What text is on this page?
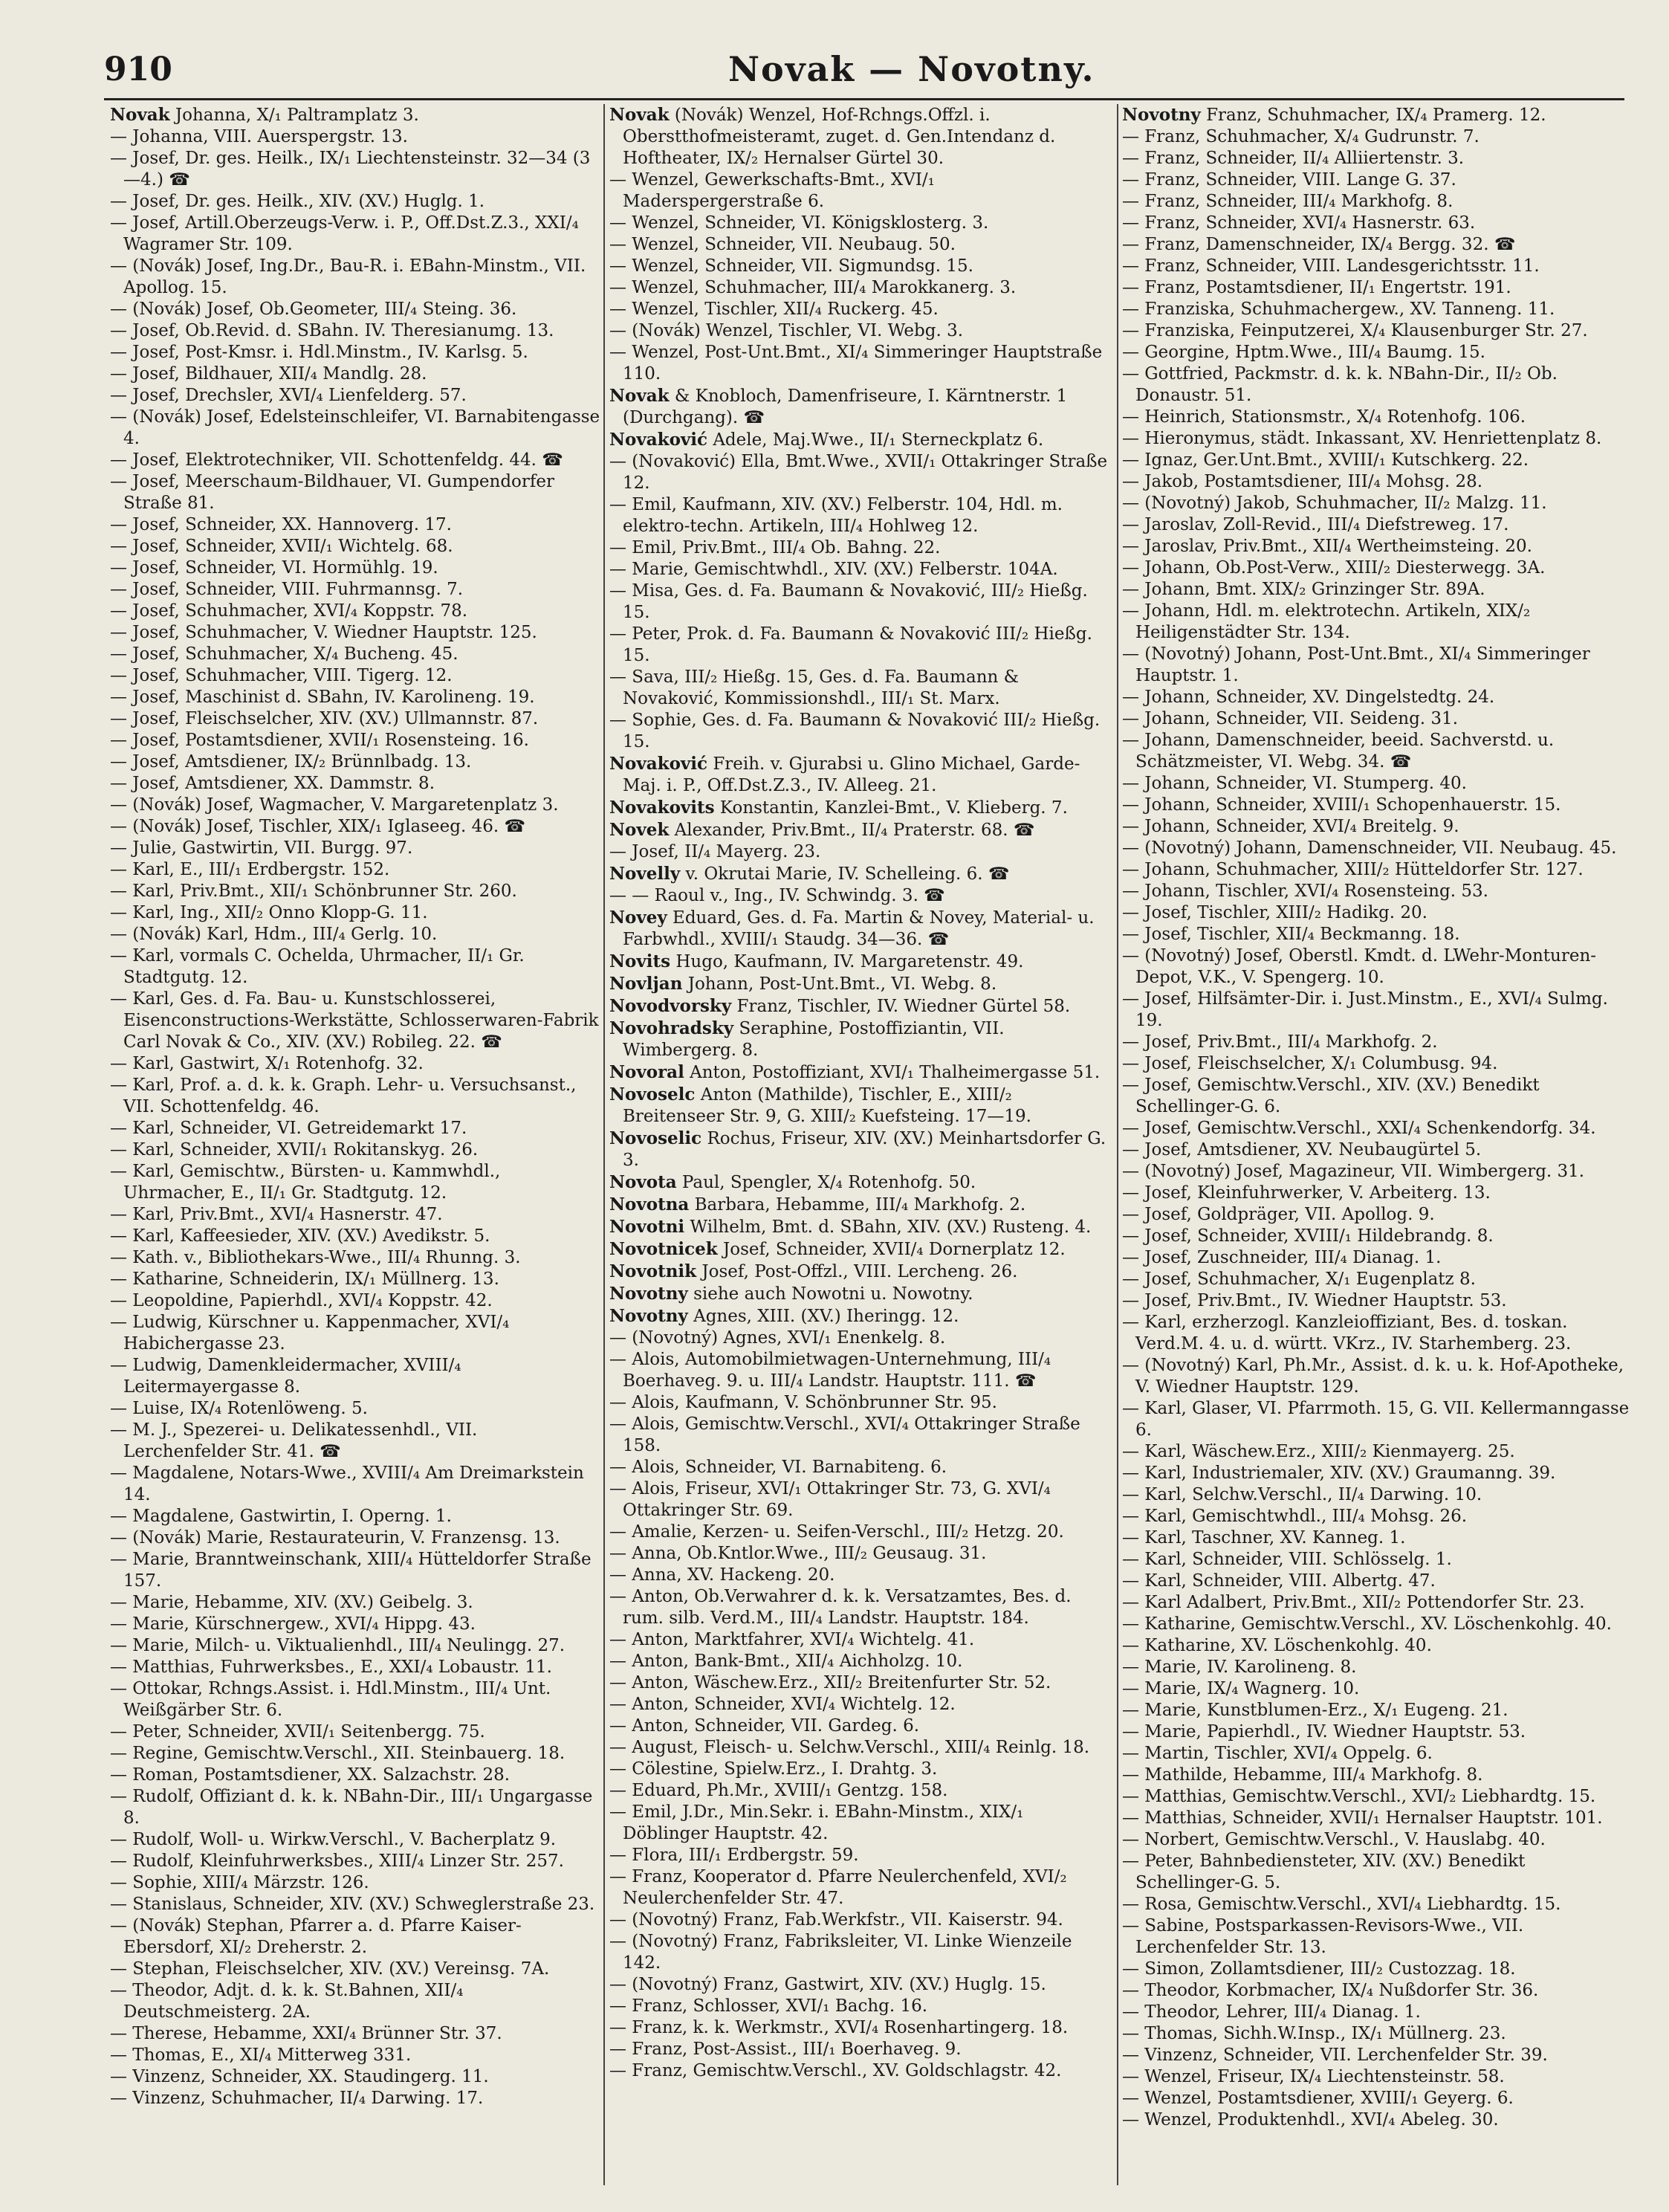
910	Novak — Novotny.
Novak Johanna, X/₁ Paltramplatz 3.
— Johanna, VIII. Auerspergstr. 13.
— Josef, Dr. ges. Heilk., IX/₁ Liechtensteinstr. 32—34 (3—4.) ☎
— Josef, Dr. ges. Heilk., XIV. (XV.) Huglg. 1.
— Josef, Artill.Oberzeugs-Verw. i. P., Off.Dst.Z.3., XXI/₄ Wagramer Str. 109.
— (Novák) Josef, Ing.Dr., Bau-R. i. EBahn-Minstm., VII. Apollog. 15.
— (Novák) Josef, Ob.Geometer, III/₄ Steing. 36.
— Josef, Ob.Revid. d. SBahn. IV. Theresianumg. 13.
— Josef, Post-Kmsr. i. Hdl.Minstm., IV. Karlsg. 5.
— Josef, Bildhauer, XII/₄ Mandlg. 28.
— Josef, Drechsler, XVI/₄ Lienfelderg. 57.
— (Novák) Josef, Edelsteinschleifer, VI. Barnabitengasse 4.
— Josef, Elektrotechniker, VII. Schottenfeldg. 44. ☎
— Josef, Meerschaum-Bildhauer, VI. Gumpendorfer Straße 81.
— Josef, Schneider, XX. Hannoverg. 17.
— Josef, Schneider, XVII/₁ Wichtelg. 68.
— Josef, Schneider, VI. Hormühlg. 19.
— Josef, Schneider, VIII. Fuhrmannsg. 7.
— Josef, Schuhmacher, XVI/₄ Koppstr. 78.
— Josef, Schuhmacher, V. Wiedner Hauptstr. 125.
— Josef, Schuhmacher, X/₄ Bucheng. 45.
— Josef, Schuhmacher, VIII. Tigerg. 12.
— Josef, Maschinist d. SBahn, IV. Karolineng. 19.
— Josef, Fleischselcher, XIV. (XV.) Ullmannstr. 87.
— Josef, Postamtsdiener, XVII/₁ Rosensteing. 16.
— Josef, Amtsdiener, IX/₂ Brünnlbadg. 13.
— Josef, Amtsdiener, XX. Dammstr. 8.
— (Novák) Josef, Wagmacher, V. Margaretenplatz 3.
— (Novák) Josef, Tischler, XIX/₁ Iglaseeg. 46. ☎
— Julie, Gastwirtin, VII. Burgg. 97.
— Karl, E., III/₁ Erdbergstr. 152.
— Karl, Priv.Bmt., XII/₁ Schönbrunner Str. 260.
— Karl, Ing., XII/₂ Onno Klopp-G. 11.
— (Novák) Karl, Hdm., III/₄ Gerlg. 10.
— Karl, vormals C. Ochelda, Uhrmacher, II/₁ Gr. Stadtgutg. 12.
— Karl, Ges. d. Fa. Bau- u. Kunstschlosserei, Eisenconstructions-Werkstätte, Schlosserwaren-Fabrik Carl Novak & Co., XIV. (XV.) Robileg. 22. ☎
— Karl, Gastwirt, X/₁ Rotenhofg. 32.
— Karl, Prof. a. d. k. k. Graph. Lehr- u. Versuchsanst., VII. Schottenfeldg. 46.
— Karl, Schneider, VI. Getreidemarkt 17.
— Karl, Schneider, XVII/₁ Rokitanskyg. 26.
— Karl, Gemischtw., Bürsten- u. Kammwhdl., Uhrmacher, E., II/₁ Gr. Stadtgutg. 12.
— Karl, Priv.Bmt., XVI/₄ Hasnerstr. 47.
— Karl, Kaffeesieder, XIV. (XV.) Avedikstr. 5.
— Kath. v., Bibliothekars-Wwe., III/₄ Rhunng. 3.
— Katharine, Schneiderin, IX/₁ Müllnerg. 13.
— Leopoldine, Papierhdl., XVI/₄ Koppstr. 42.
— Ludwig, Kürschner u. Kappenmacher, XVI/₄ Habichergasse 23.
— Ludwig, Damenkleidermacher, XVIII/₄ Leitermayergasse 8.
— Luise, IX/₄ Rotenlöweng. 5.
— M. J., Spezerei- u. Delikatessenhdl., VII. Lerchenfelder Str. 41. ☎
— Magdalene, Notars-Wwe., XVIII/₄ Am Dreimarkstein 14.
— Magdalene, Gastwirtin, I. Operng. 1.
— (Novák) Marie, Restaurateurin, V. Franzensg. 13.
— Marie, Branntweinschank, XIII/₄ Hütteldorfer Straße 157.
— Marie, Hebamme, XIV. (XV.) Geibelg. 3.
— Marie, Kürschnergew., XVI/₄ Hippg. 43.
— Marie, Milch- u. Viktualienhdl., III/₄ Neulingg. 27.
— Matthias, Fuhrwerksbes., E., XXI/₄ Lobaustr. 11.
— Ottokar, Rchngs.Assist. i. Hdl.Minstm., III/₄ Unt. Weißgärber Str. 6.
— Peter, Schneider, XVII/₁ Seitenbergg. 75.
— Regine, Gemischtw.Verschl., XII. Steinbauerg. 18.
— Roman, Postamtsdiener, XX. Salzachstr. 28.
— Rudolf, Offiziant d. k. k. NBahn-Dir., III/₁ Ungargasse 8.
— Rudolf, Woll- u. Wirkw.Verschl., V. Bacherplatz 9.
— Rudolf, Kleinfuhrwerksbes., XIII/₄ Linzer Str. 257.
— Sophie, XIII/₄ Märzstr. 126.
— Stanislaus, Schneider, XIV. (XV.) Schweglerstraße 23.
— (Novák) Stephan, Pfarrer a. d. Pfarre Kaiser-Ebersdorf, XI/₂ Dreherstr. 2.
— Stephan, Fleischselcher, XIV. (XV.) Vereinsg. 7A.
— Theodor, Adjt. d. k. k. St.Bahnen, XII/₄ Deutschmeisterg. 2A.
— Therese, Hebamme, XXI/₄ Brünner Str. 37.
— Thomas, E., XI/₄ Mitterweg 331.
— Vinzenz, Schneider, XX. Staudingerg. 11.
— Vinzenz, Schuhmacher, II/₄ Darwing. 17.
Novak (Novák) Wenzel, Hof-Rchngs.Offzl. i. Oberstthofmeisteramt, zuget. d. Gen.Intendanz d. Hoftheater, IX/₂ Hernalser Gürtel 30.
— Wenzel, Gewerkschafts-Bmt., XVI/₁ Maderspergerstraße 6.
— Wenzel, Schneider, VI. Königsklosterg. 3.
— Wenzel, Schneider, VII. Neubaug. 50.
— Wenzel, Schneider, VII. Sigmundsg. 15.
— Wenzel, Schuhmacher, III/₄ Marokkanerg. 3.
— Wenzel, Tischler, XII/₄ Ruckerg. 45.
— (Novák) Wenzel, Tischler, VI. Webg. 3.
— Wenzel, Post-Unt.Bmt., XI/₄ Simmeringer Hauptstraße 110.
Novak & Knobloch, Damenfriseure, I. Kärntnerstr. 1 (Durchgang). ☎
Novaković Adele, Maj.Wwe., II/₁ Sterneckplatz 6.
— (Novaković) Ella, Bmt.Wwe., XVII/₁ Ottakringer Straße 12.
— Emil, Kaufmann, XIV. (XV.) Felberstr. 104, Hdl. m. elektro-techn. Artikeln, III/₄ Hohlweg 12.
— Emil, Priv.Bmt., III/₄ Ob. Bahng. 22.
— Marie, Gemischtwhdl., XIV. (XV.) Felberstr. 104A.
— Misa, Ges. d. Fa. Baumann & Novaković, III/₂ Hießg. 15.
— Peter, Prok. d. Fa. Baumann & Novaković III/₂ Hießg. 15.
— Sava, III/₂ Hießg. 15, Ges. d. Fa. Baumann & Novaković, Kommissionshdl., III/₁ St. Marx.
— Sophie, Ges. d. Fa. Baumann & Novaković III/₂ Hießg. 15.
Novaković Freih. v. Gjurabsi u. Glino Michael, Garde-Maj. i. P., Off.Dst.Z.3., IV. Alleeg. 21.
Novakovits Konstantin, Kanzlei-Bmt., V. Klieberg. 7.
Novek Alexander, Priv.Bmt., II/₄ Praterstr. 68. ☎
— Josef, II/₄ Mayerg. 23.
Novelly v. Okrutai Marie, IV. Schelleing. 6. ☎
— — Raoul v., Ing., IV. Schwindg. 3. ☎
Novey Eduard, Ges. d. Fa. Martin & Novey, Material- u. Farbwhdl., XVIII/₁ Staudg. 34—36. ☎
Novits Hugo, Kaufmann, IV. Margaretenstr. 49.
Novljan Johann, Post-Unt.Bmt., VI. Webg. 8.
Novodvorsky Franz, Tischler, IV. Wiedner Gürtel 58.
Novohradsky Seraphine, Postoffiziantin, VII. Wimbergerg. 8.
Novoral Anton, Postoffiziant, XVI/₁ Thalheimergasse 51.
Novoselc Anton (Mathilde), Tischler, E., XIII/₂ Breitenseer Str. 9, G. XIII/₂ Kuefsteing. 17—19.
Novoselic Rochus, Friseur, XIV. (XV.) Meinhartsdorfer G. 3.
Novota Paul, Spengler, X/₄ Rotenhofg. 50.
Novotna Barbara, Hebamme, III/₄ Markhofg. 2.
Novotni Wilhelm, Bmt. d. SBahn, XIV. (XV.) Rusteng. 4.
Novotnicek Josef, Schneider, XVII/₄ Dornerplatz 12.
Novotnik Josef, Post-Offzl., VIII. Lercheng. 26.
Novotny siehe auch Nowotni u. Nowotny.
Novotny Agnes, XIII. (XV.) Iheringg. 12.
— (Novotný) Agnes, XVI/₁ Enenkelg. 8.
— Alois, Automobilmietwagen-Unternehmung, III/₄ Boerhaveg. 9. u. III/₄ Landstr. Hauptstr. 111. ☎
— Alois, Kaufmann, V. Schönbrunner Str. 95.
— Alois, Gemischtw.Verschl., XVI/₄ Ottakringer Straße 158.
— Alois, Schneider, VI. Barnabiteng. 6.
— Alois, Friseur, XVI/₁ Ottakringer Str. 73, G. XVI/₄ Ottakringer Str. 69.
— Amalie, Kerzen- u. Seifen-Verschl., III/₂ Hetzg. 20.
— Anna, Ob.Kntlor.Wwe., III/₂ Geusaug. 31.
— Anna, XV. Hackeng. 20.
— Anton, Ob.Verwahrer d. k. k. Versatzamtes, Bes. d. rum. silb. Verd.M., III/₄ Landstr. Hauptstr. 184.
— Anton, Marktfahrer, XVI/₄ Wichtelg. 41.
— Anton, Bank-Bmt., XII/₄ Aichholzg. 10.
— Anton, Wäschew.Erz., XII/₂ Breitenfurter Str. 52.
— Anton, Schneider, XVI/₄ Wichtelg. 12.
— Anton, Schneider, VII. Gardeg. 6.
— August, Fleisch- u. Selchw.Verschl., XIII/₄ Reinlg. 18.
— Cölestine, Spielw.Erz., I. Drahtg. 3.
— Eduard, Ph.Mr., XVIII/₁ Gentzg. 158.
— Emil, J.Dr., Min.Sekr. i. EBahn-Minstm., XIX/₁ Döblinger Hauptstr. 42.
— Flora, III/₁ Erdbergstr. 59.
— Franz, Kooperator d. Pfarre Neulerchenfeld, XVI/₂ Neulerchenfelder Str. 47.
— (Novotný) Franz, Fab.Werkfstr., VII. Kaiserstr. 94.
— (Novotný) Franz, Fabriksleiter, VI. Linke Wienzeile 142.
— (Novotný) Franz, Gastwirt, XIV. (XV.) Huglg. 15.
— Franz, Schlosser, XVI/₁ Bachg. 16.
— Franz, k. k. Werkmstr., XVI/₄ Rosenhartingerg. 18.
— Franz, Post-Assist., III/₁ Boerhaveg. 9.
— Franz, Gemischtw.Verschl., XV. Goldschlagstr. 42.
Novotny Franz, Schuhmacher, IX/₄ Pramerg. 12.
— Franz, Schuhmacher, X/₄ Gudrunstr. 7.
— Franz, Schneider, II/₄ Alliiertenstr. 3.
— Franz, Schneider, VIII. Lange G. 37.
— Franz, Schneider, III/₄ Markhofg. 8.
— Franz, Schneider, XVI/₄ Hasnerstr. 63.
— Franz, Damenschneider, IX/₄ Bergg. 32. ☎
— Franz, Schneider, VIII. Landesgerichtsstr. 11.
— Franz, Postamtsdiener, II/₁ Engertstr. 191.
— Franziska, Schuhmachergew., XV. Tanneng. 11.
— Franziska, Feinputzerei, X/₄ Klausenburger Str. 27.
— Georgine, Hptm.Wwe., III/₄ Baumg. 15.
— Gottfried, Packmstr. d. k. k. NBahn-Dir., II/₂ Ob. Donaustr. 51.
— Heinrich, Stationsmstr., X/₄ Rotenhofg. 106.
— Hieronymus, städt. Inkassant, XV. Henriettenplatz 8.
— Ignaz, Ger.Unt.Bmt., XVIII/₁ Kutschkerg. 22.
— Jakob, Postamtsdiener, III/₄ Mohsg. 28.
— (Novotný) Jakob, Schuhmacher, II/₂ Malzg. 11.
— Jaroslav, Zoll-Revid., III/₄ Diefstreweg. 17.
— Jaroslav, Priv.Bmt., XII/₄ Wertheimsteing. 20.
— Johann, Ob.Post-Verw., XIII/₂ Diesterwegg. 3A.
— Johann, Bmt. XIX/₂ Grinzinger Str. 89A.
— Johann, Hdl. m. elektrotechn. Artikeln, XIX/₂ Heiligenstädter Str. 134.
— (Novotný) Johann, Post-Unt.Bmt., XI/₄ Simmeringer Hauptstr. 1.
— Johann, Schneider, XV. Dingelstedtg. 24.
— Johann, Schneider, VII. Seideng. 31.
— Johann, Damenschneider, beeid. Sachverstd. u. Schätzmeister, VI. Webg. 34. ☎
— Johann, Schneider, VI. Stumperg. 40.
— Johann, Schneider, XVIII/₁ Schopenhauerstr. 15.
— Johann, Schneider, XVI/₄ Breitelg. 9.
— (Novotný) Johann, Damenschneider, VII. Neubaug. 45.
— Johann, Schuhmacher, XIII/₂ Hütteldorfer Str. 127.
— Johann, Tischler, XVI/₄ Rosensteing. 53.
— Josef, Tischler, XIII/₂ Hadikg. 20.
— Josef, Tischler, XII/₄ Beckmanng. 18.
— (Novotný) Josef, Oberstl. Kmdt. d. LWehr-Monturen-Depot, V.K., V. Spengerg. 10.
— Josef, Hilfsämter-Dir. i. Just.Minstm., E., XVI/₄ Sulmg. 19.
— Josef, Priv.Bmt., III/₄ Markhofg. 2.
— Josef, Fleischselcher, X/₁ Columbusg. 94.
— Josef, Gemischtw.Verschl., XIV. (XV.) Benedikt Schellinger-G. 6.
— Josef, Gemischtw.Verschl., XXI/₄ Schenkendorfg. 34.
— Josef, Amtsdiener, XV. Neubaugürtel 5.
— (Novotný) Josef, Magazineur, VII. Wimbergerg. 31.
— Josef, Kleinfuhrwerker, V. Arbeiterg. 13.
— Josef, Goldpräger, VII. Apollog. 9.
— Josef, Schneider, XVIII/₁ Hildebrandg. 8.
— Josef, Zuschneider, III/₄ Dianag. 1.
— Josef, Schuhmacher, X/₁ Eugenplatz 8.
— Josef, Priv.Bmt., IV. Wiedner Hauptstr. 53.
— Karl, erzherzogl. Kanzleioffiziant, Bes. d. toskan. Verd.M. 4. u. d. württ. VKrz., IV. Starhemberg. 23.
— (Novotný) Karl, Ph.Mr., Assist. d. k. u. k. Hof-Apotheke, V. Wiedner Hauptstr. 129.
— Karl, Glaser, VI. Pfarrmoth. 15, G. VII. Kellermanngasse 6.
— Karl, Wäschew.Erz., XIII/₂ Kienmayerg. 25.
— Karl, Industriemaler, XIV. (XV.) Graumanng. 39.
— Karl, Selchw.Verschl., II/₄ Darwing. 10.
— Karl, Gemischtwhdl., III/₄ Mohsg. 26.
— Karl, Taschner, XV. Kanneg. 1.
— Karl, Schneider, VIII. Schlösselg. 1.
— Karl, Schneider, VIII. Albertg. 47.
— Karl Adalbert, Priv.Bmt., XII/₂ Pottendorfer Str. 23.
— Katharine, Gemischtw.Verschl., XV. Löschenkohlg. 40.
— Katharine, XV. Löschenkohlg. 40.
— Marie, IV. Karolineng. 8.
— Marie, IX/₄ Wagnerg. 10.
— Marie, Kunstblumen-Erz., X/₁ Eugeng. 21.
— Marie, Papierhdl., IV. Wiedner Hauptstr. 53.
— Martin, Tischler, XVI/₄ Oppelg. 6.
— Mathilde, Hebamme, III/₄ Markhofg. 8.
— Matthias, Gemischtw.Verschl., XVI/₂ Liebhardtg. 15.
— Matthias, Schneider, XVII/₁ Hernalser Hauptstr. 101.
— Norbert, Gemischtw.Verschl., V. Hauslabg. 40.
— Peter, Bahnbediensteter, XIV. (XV.) Benedikt Schellinger-G. 5.
— Rosa, Gemischtw.Verschl., XVI/₄ Liebhardtg. 15.
— Sabine, Postsparkassen-Revisors-Wwe., VII. Lerchenfelder Str. 13.
— Simon, Zollamtsdiener, III/₂ Custozzag. 18.
— Theodor, Korbmacher, IX/₄ Nußdorfer Str. 36.
— Theodor, Lehrer, III/₄ Dianag. 1.
— Thomas, Sichh.W.Insp., IX/₁ Müllnerg. 23.
— Vinzenz, Schneider, VII. Lerchenfelder Str. 39.
— Wenzel, Friseur, IX/₄ Liechtensteinstr. 58.
— Wenzel, Postamtsdiener, XVIII/₁ Geyerg. 6.
— Wenzel, Produktenhdl., XVI/₄ Abeleg. 30.
